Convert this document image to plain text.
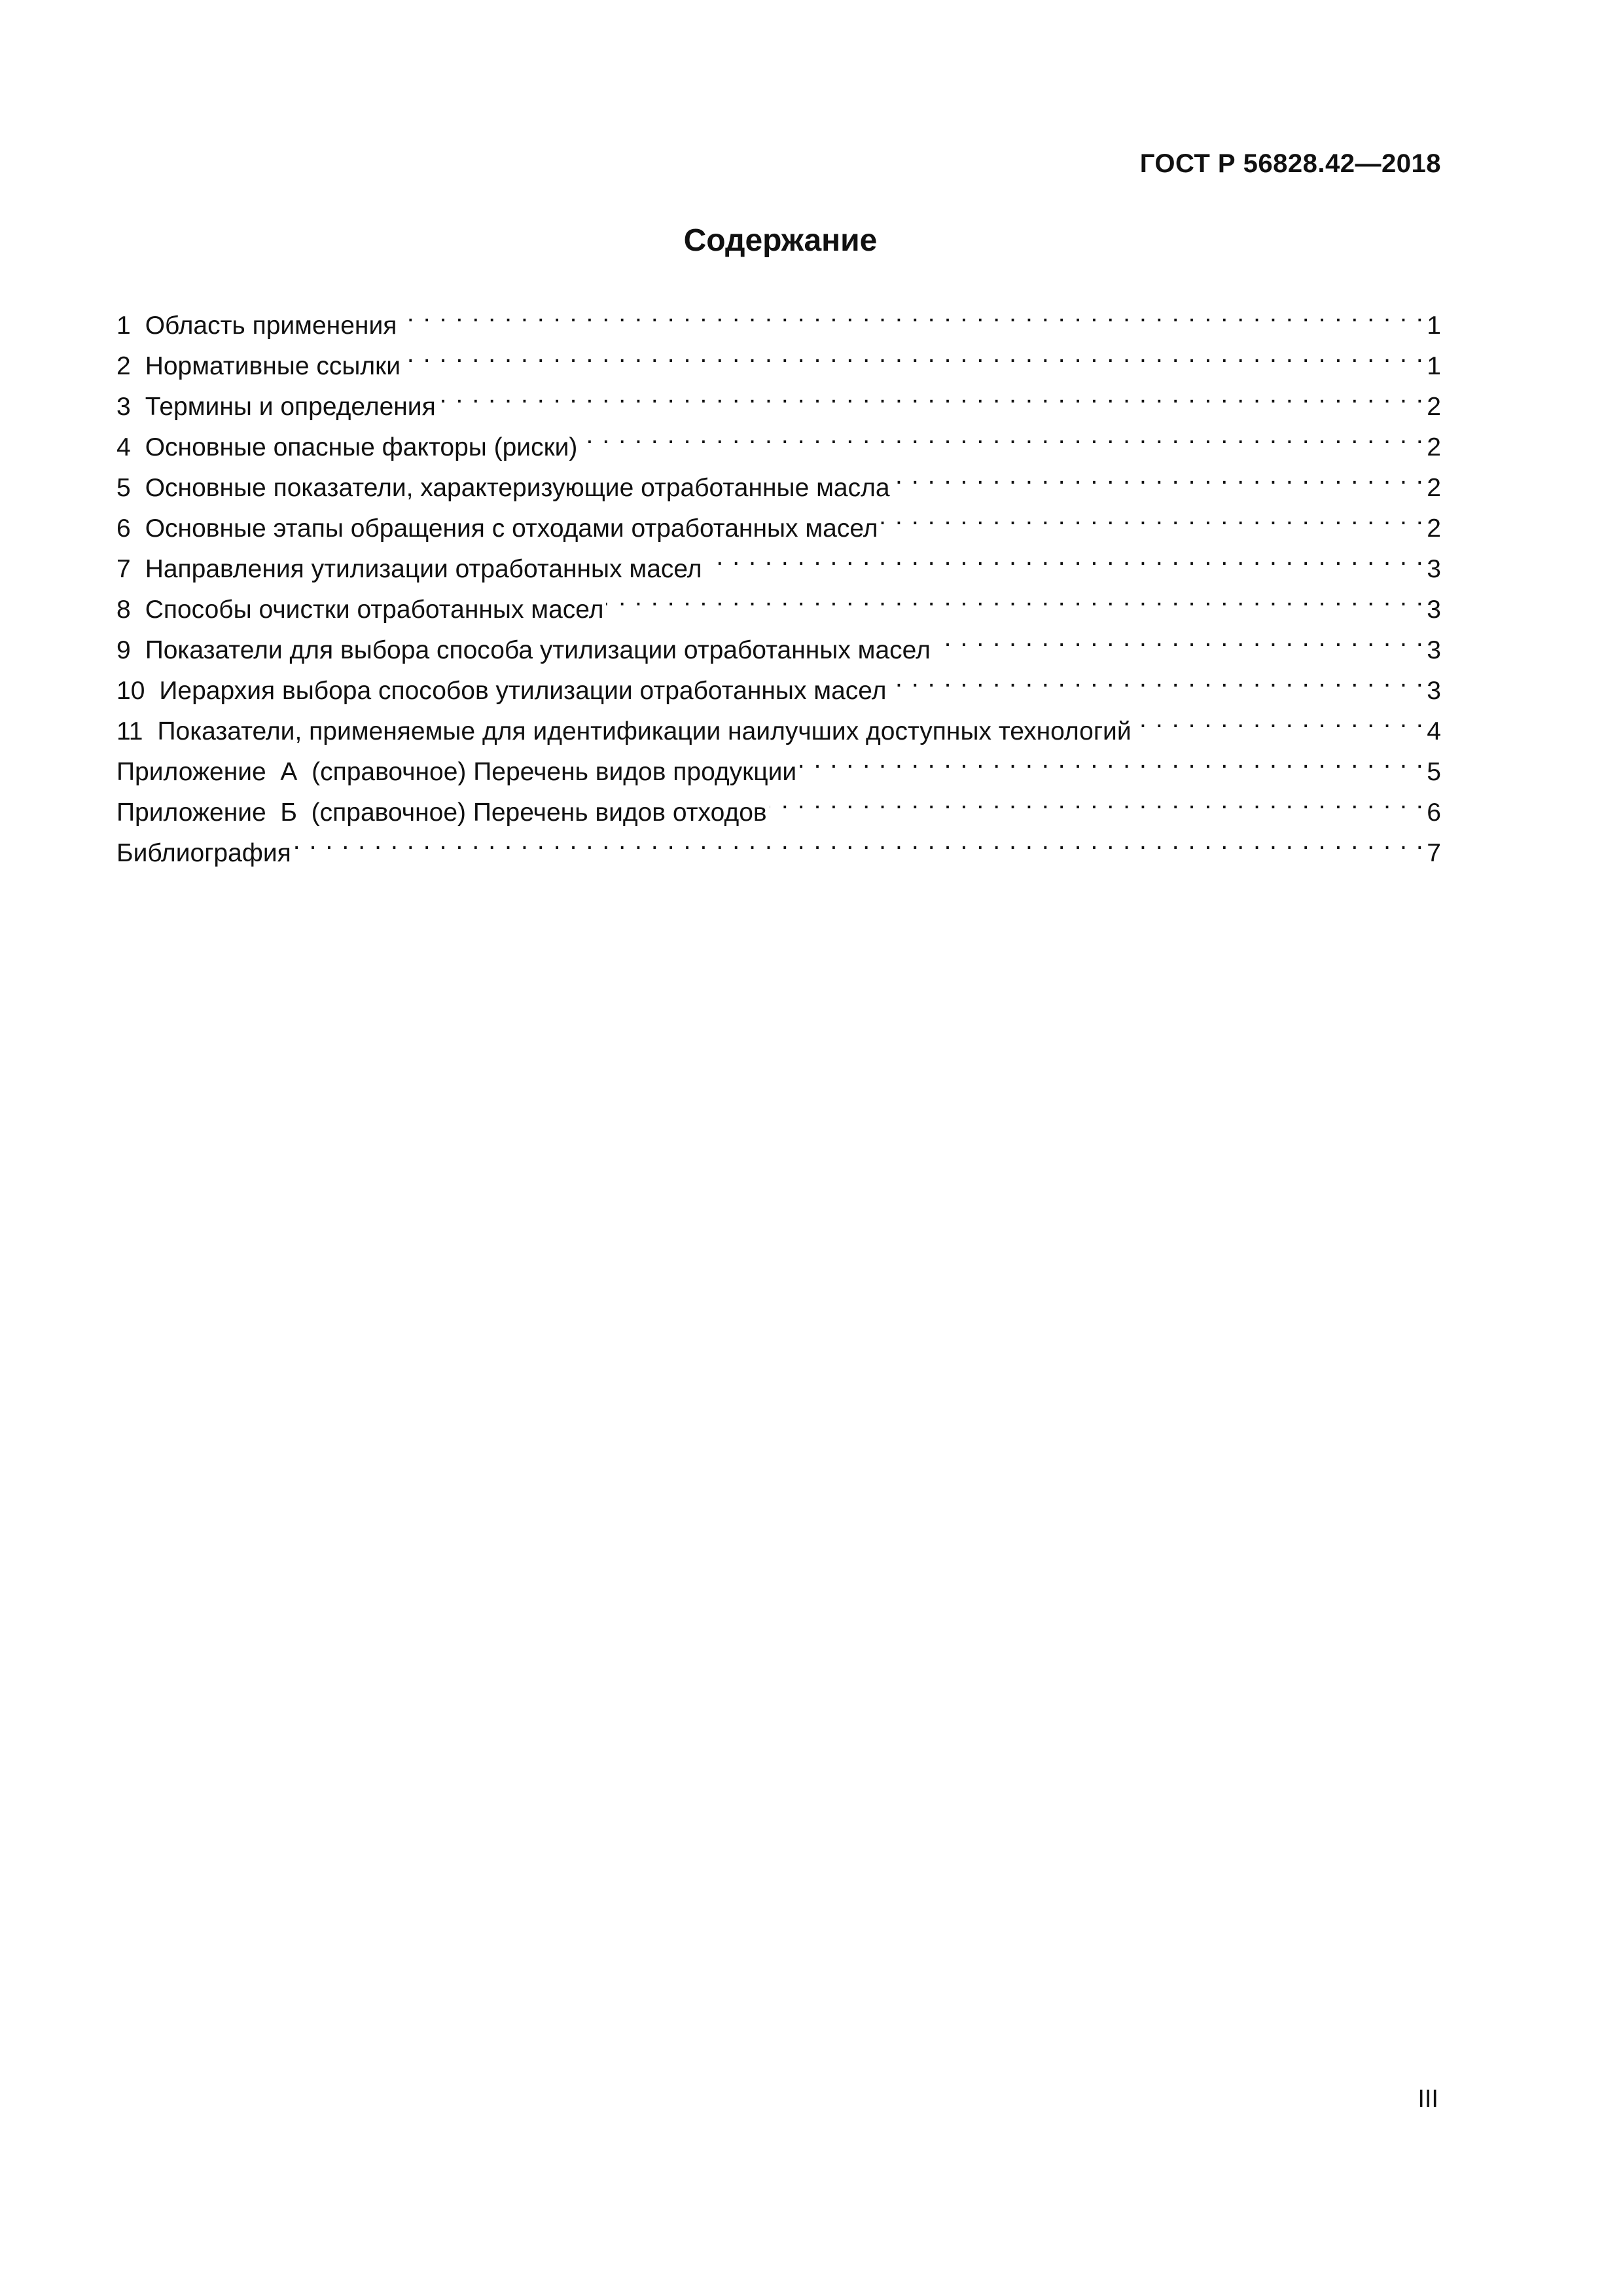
ГОСТ Р 56828.42—2018
Содержание
1 Область применения . . .	1
2 Нормативные ссылки . . .	1
3 Термины и определения . . .	2
4 Основные опасные факторы (риски) . . .	2
5 Основные показатели, характеризующие отработанные масла . . .	2
6 Основные этапы обращения с отходами отработанных масел . . .	2
7 Направления утилизации отработанных масел . . .	3
8 Способы очистки отработанных масел . . .	3
9 Показатели для выбора способа утилизации отработанных масел . . .	3
10 Иерархия выбора способов утилизации отработанных масел . . .	3
11 Показатели, применяемые для идентификации наилучших доступных технологий . . .	4
Приложение  А  (справочное) Перечень видов продукции . . .	5
Приложение  Б  (справочное) Перечень видов отходов . . .	6
Библиография . . .	7
III
